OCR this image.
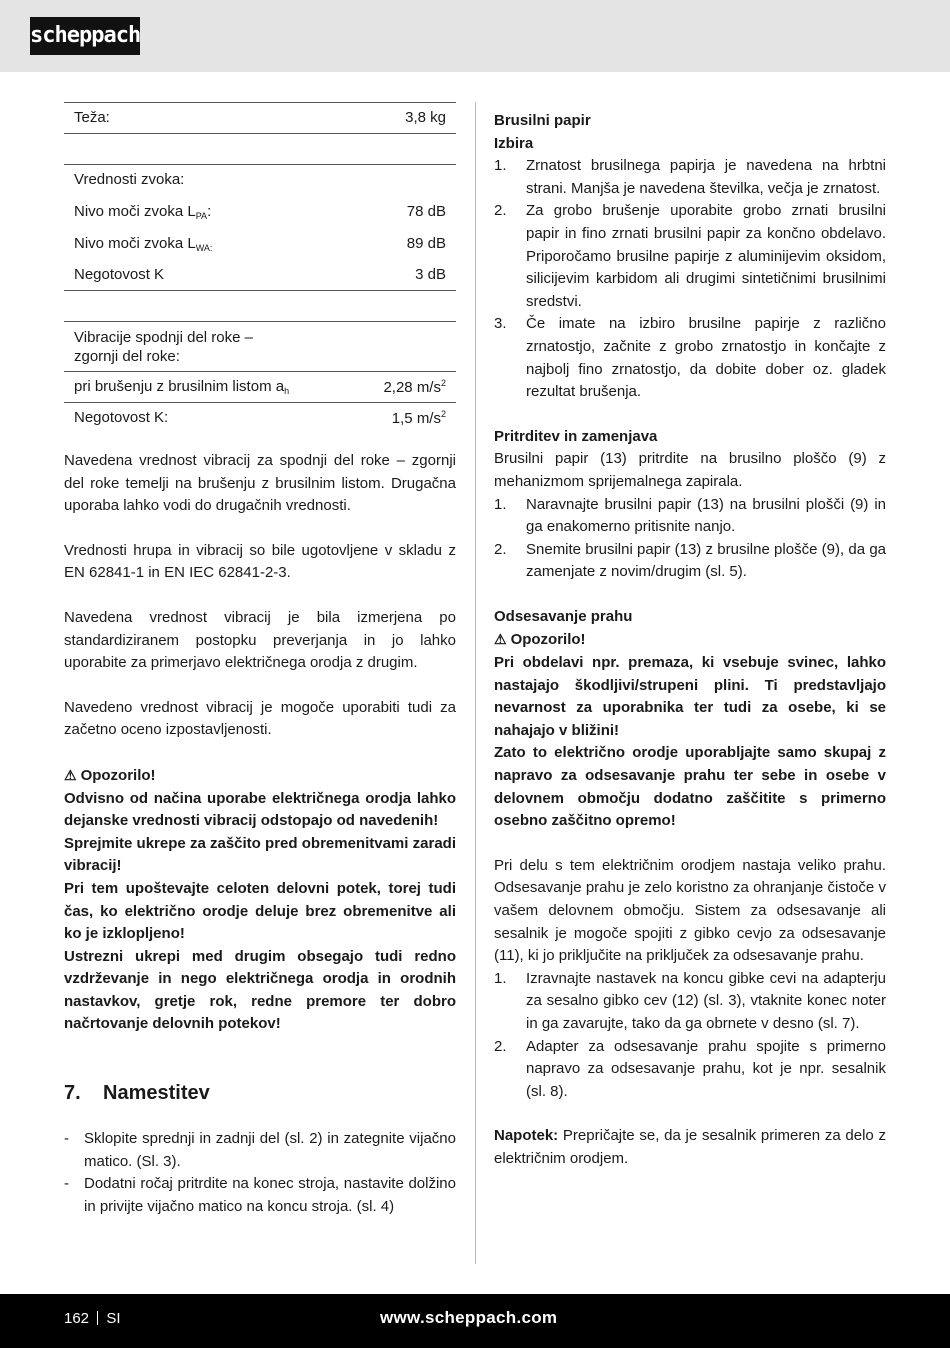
scheppach
Teža:	3,8 kg
Vrednosti zvoka:
Nivo moči zvoka $L_{PA}$:	78 dB
Nivo moči zvoka $L_{WA:}$	89 dB
Negotovost K	3 dB
Vibracije spodnji del roke –
zgornji del roke:
pri brušenju z brusilnim listom $a_h$	2,28 $m/s^2$
Negotovost K:	1,5 $m/s^2$

Navedena vrednost vibracij za spodnji del roke – zgornji del roke temelji na brušenju z brusilnim listom. Drugačna uporaba lahko vodi do drugačnih vrednosti.

Vrednosti hrupa in vibracij so bile ugotovljene v skladu z EN 62841-1 in EN IEC 62841-2-3.

Navedena vrednost vibracij je bila izmerjena po standardiziranem postopku preverjanja in jo lahko uporabite za primerjavo električnega orodja z drugim.

Navedeno vrednost vibracij je mogoče uporabiti tudi za začetno oceno izpostavljenosti.

⚠ Opozorilo!

Odvisno od načina uporabe električnega orodja lahko dejanske vrednosti vibracij odstopajo od navedenih!

Sprejmite ukrepe za zaščito pred obremenitvami zaradi vibracij!

Pri tem upoštevajte celoten delovni potek, torej tudi čas, ko električno orodje deluje brez obremenitve ali ko je izklopljeno!

Ustrezni ukrepi med drugim obsegajo tudi redno vzdrževanje in nego električnega orodja in orodnih nastavkov, gretje rok, redne premore ter dobro načrtovanje delovnih potekov!

7. Namestitev
- Sklopite sprednji in zadnji del (sl. 2) in zategnite vijačno matico. (Sl. 3).
- Dodatni ročaj pritrdite na konec stroja, nastavite dolžino in privijte vijačno matico na koncu stroja. (sl. 4)

Brusilni papir

Izbira

1. Zrnatost brusilnega papirja je navedena na hrbtni strani. Manjša je navedena številka, večja je zrnatost.
2. Za grobo brušenje uporabite grobo zrnati brusilni papir in fino zrnati brusilni papir za končno obdelavo. Priporočamo brusilne papirje z aluminijevim oksidom, silicijevim karbidom ali drugimi sintetičnimi brusilnimi sredstvi.
3. Če imate na izbiro brusilne papirje z različno zrnatostjo, začnite z grobo zrnatostjo in končajte z najbolj fino zrnatostjo, da dobite dober oz. gladek rezultat brušenja.

Pritrditev in zamenjava

Brusilni papir (13) pritrdite na brusilno ploščo (9) z mehanizmom sprijemalnega zapirala.

1. Naravnajte brusilni papir (13) na brusilni plošči (9) in ga enakomerno pritisnite nanjo.
2. Snemite brusilni papir (13) z brusilne plošče (9), da ga zamenjate z novim/drugim (sl. 5).

Odsesavanje prahu

⚠ Opozorilo!

Pri obdelavi npr. premaza, ki vsebuje svinec, lahko nastajajo škodljivi/strupeni plini. Ti predstavljajo nevarnost za uporabnika ter tudi za osebe, ki se nahajajo v bližini!

Zato to električno orodje uporabljajte samo skupaj z napravo za odsesavanje prahu ter sebe in osebe v delovnem območju dodatno zaščitite s primerno osebno zaščitno opremo!

Pri delu s tem električnim orodjem nastaja veliko prahu. Odsesavanje prahu je zelo koristno za ohranjanje čistoče v vašem delovnem območju. Sistem za odsesavanje ali sesalnik je mogoče spojiti z gibko cevjo za odsesavanje (11), ki jo priključite na priključek za odsesavanje prahu.

1. Izravnajte nastavek na koncu gibke cevi na adapterju za sesalno gibko cev (12) (sl. 3), vtaknite konec noter in ga zavarujte, tako da ga obrnete v desno (sl. 7).
2. Adapter za odsesavanje prahu spojite s primerno napravo za odsesavanje prahu, kot je npr. sesalnik (sl. 8).

Napotek: Prepričajte se, da je sesalnik primeren za delo z električnim orodjem.

162 SI	www.scheppach.com
